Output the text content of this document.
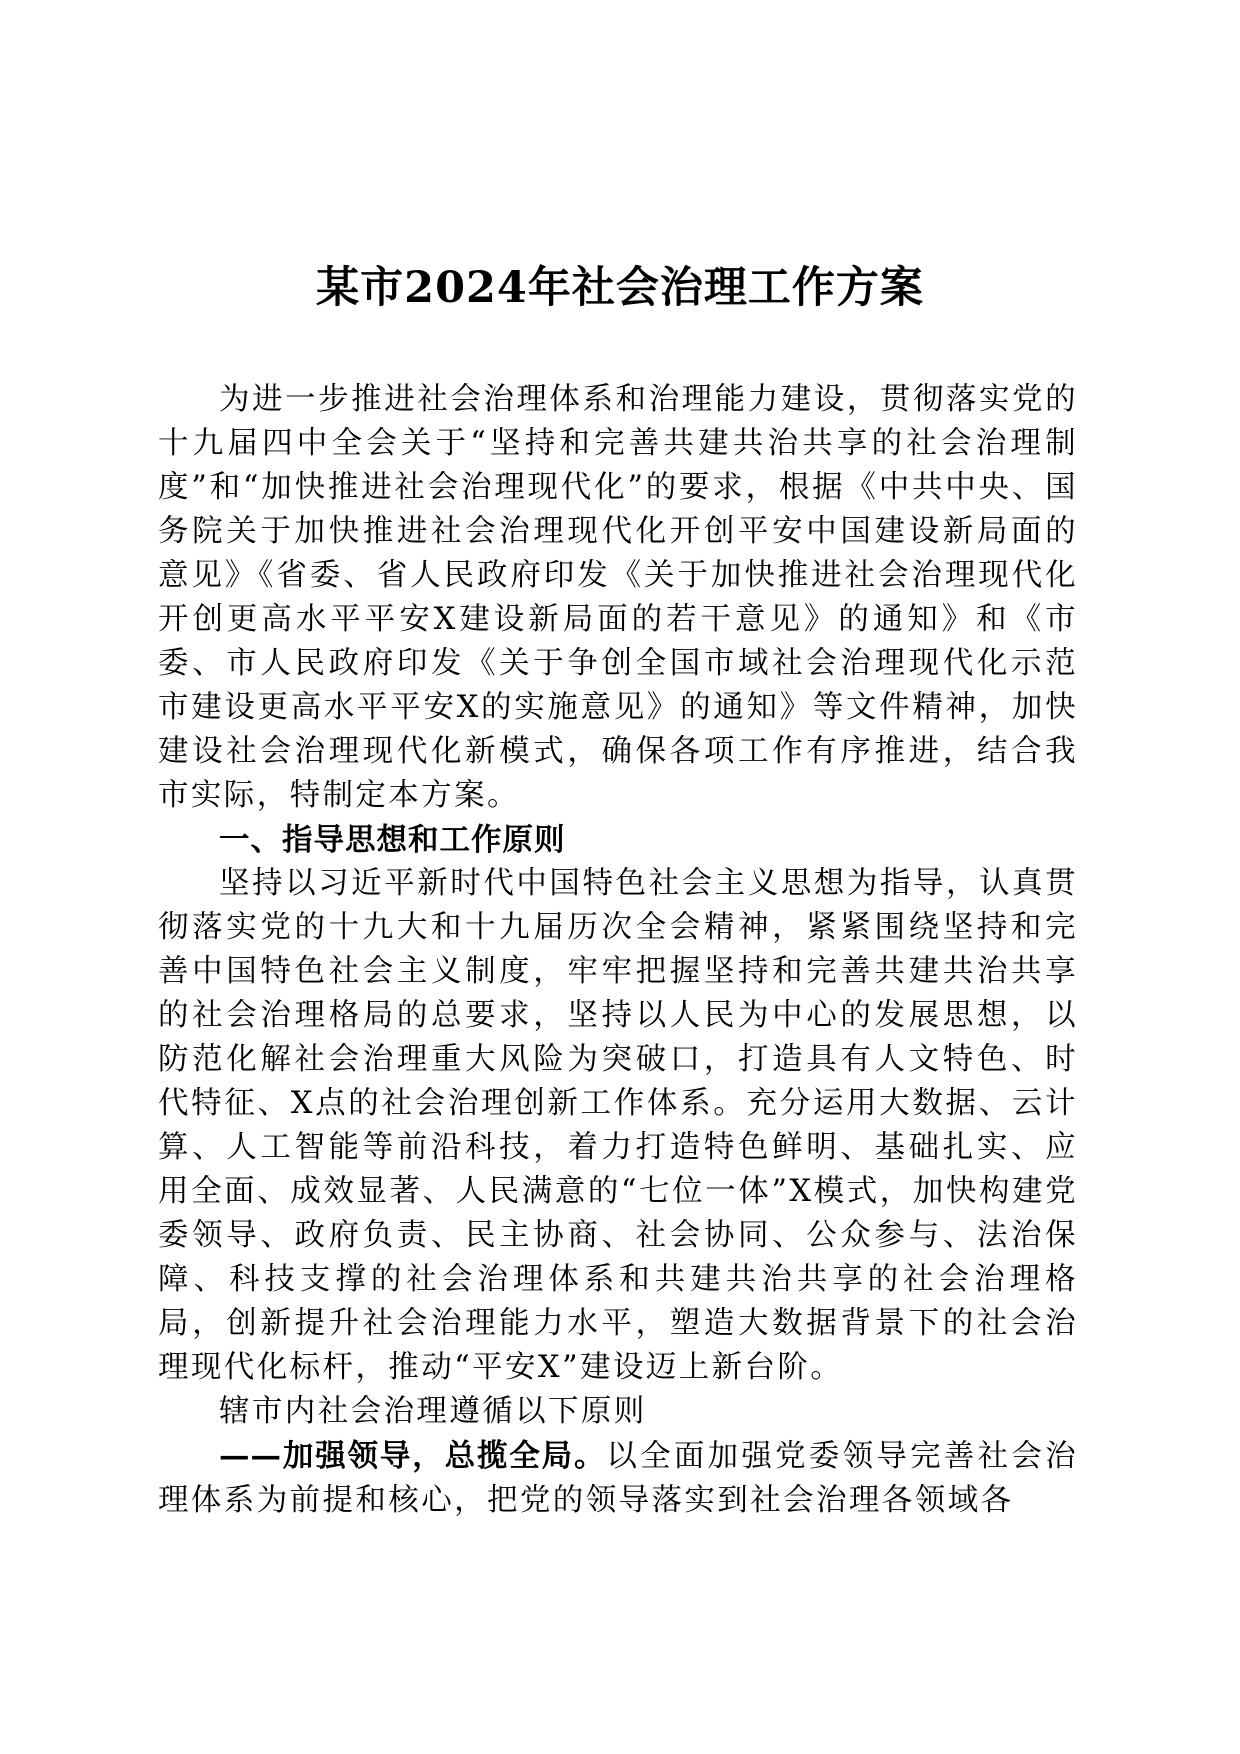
某市2024年社会治理工作方案

为进一步推进社会治理体系和治理能力建设，贯彻落实党的十九届四中全会关于“坚持和完善共建共治共享的社会治理制度”和“加快推进社会治理现代化”的要求，根据《中共中央、国务院关于加快推进社会治理现代化开创平安中国建设新局面的意见》《省委、省人民政府印发《关于加快推进社会治理现代化开创更高水平平安X建设新局面的若干意见》的通知》和《市委、市人民政府印发《关于争创全国市域社会治理现代化示范市建设更高水平平安X的实施意见》的通知》等文件精神，加快建设社会治理现代化新模式，确保各项工作有序推进，结合我市实际，特制定本方案。

一、指导思想和工作原则

坚持以习近平新时代中国特色社会主义思想为指导，认真贯彻落实党的十九大和十九届历次全会精神，紧紧围绕坚持和完善中国特色社会主义制度，牢牢把握坚持和完善共建共治共享的社会治理格局的总要求，坚持以人民为中心的发展思想，以防范化解社会治理重大风险为突破口，打造具有人文特色、时代特征、X点的社会治理创新工作体系。充分运用大数据、云计算、人工智能等前沿科技，着力打造特色鲜明、基础扎实、应用全面、成效显著、人民满意的“七位一体”X模式，加快构建党委领导、政府负责、民主协商、社会协同、公众参与、法治保障、科技支撑的社会治理体系和共建共治共享的社会治理格局，创新提升社会治理能力水平，塑造大数据背景下的社会治理现代化标杆，推动“平安X”建设迈上新台阶。

辖市内社会治理遵循以下原则

——加强领导，总揽全局。以全面加强党委领导完善社会治理体系为前提和核心，把党的领导落实到社会治理各领域各
